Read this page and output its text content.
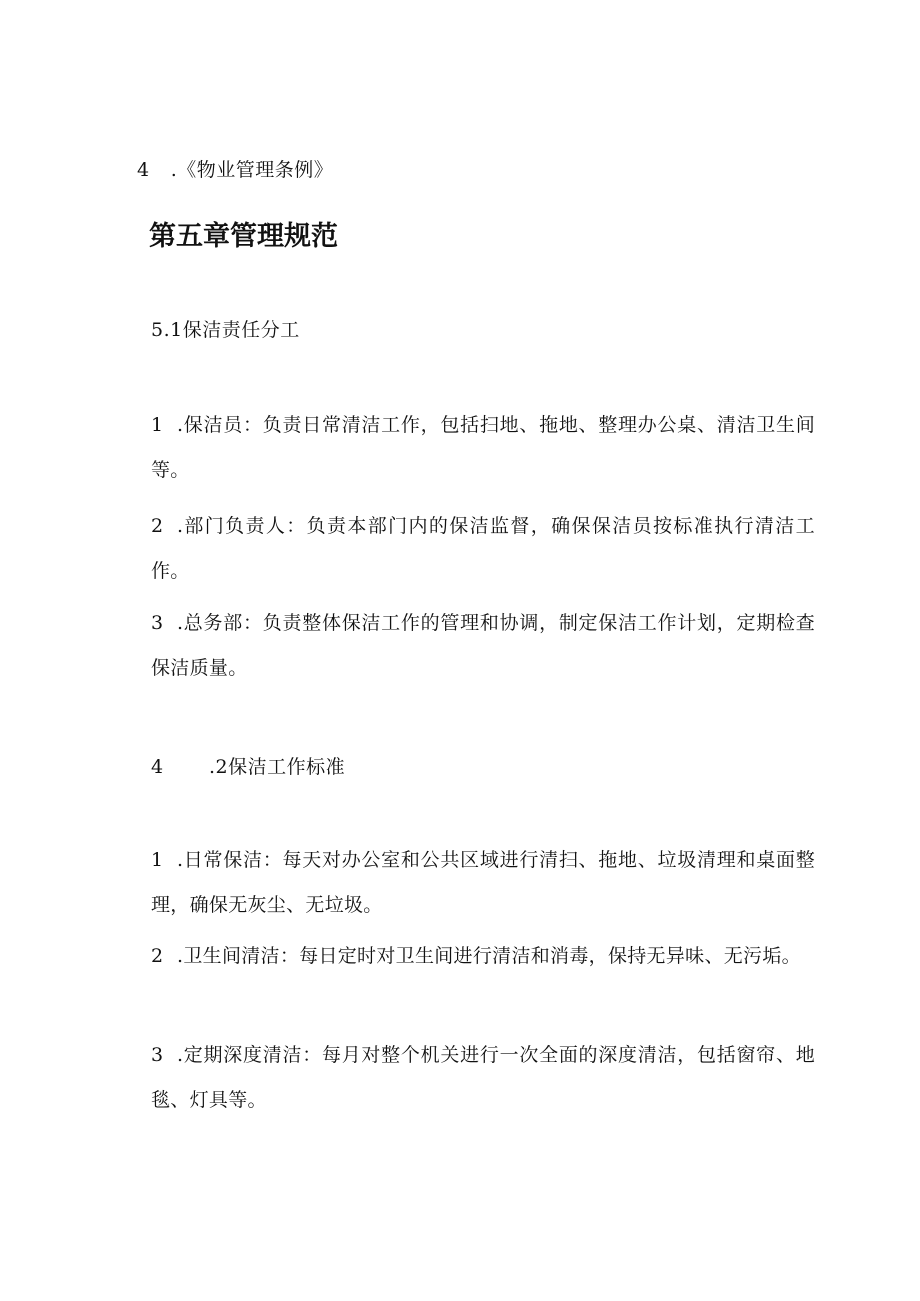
4 .《物业管理条例》
第五章管理规范
5.1保洁责任分工
1 .保洁员：负责日常清洁工作，包括扫地、拖地、整理办公桌、清洁卫生间等。
2 .部门负责人：负责本部门内的保洁监督，确保保洁员按标准执行清洁工作。
3 .总务部：负责整体保洁工作的管理和协调，制定保洁工作计划，定期检查保洁质量。
4 .2保洁工作标准
1 .日常保洁：每天对办公室和公共区域进行清扫、拖地、垃圾清理和桌面整理，确保无灰尘、无垃圾。
2 .卫生间清洁：每日定时对卫生间进行清洁和消毒，保持无异味、无污垢。
3 .定期深度清洁：每月对整个机关进行一次全面的深度清洁，包括窗帘、地毯、灯具等。
